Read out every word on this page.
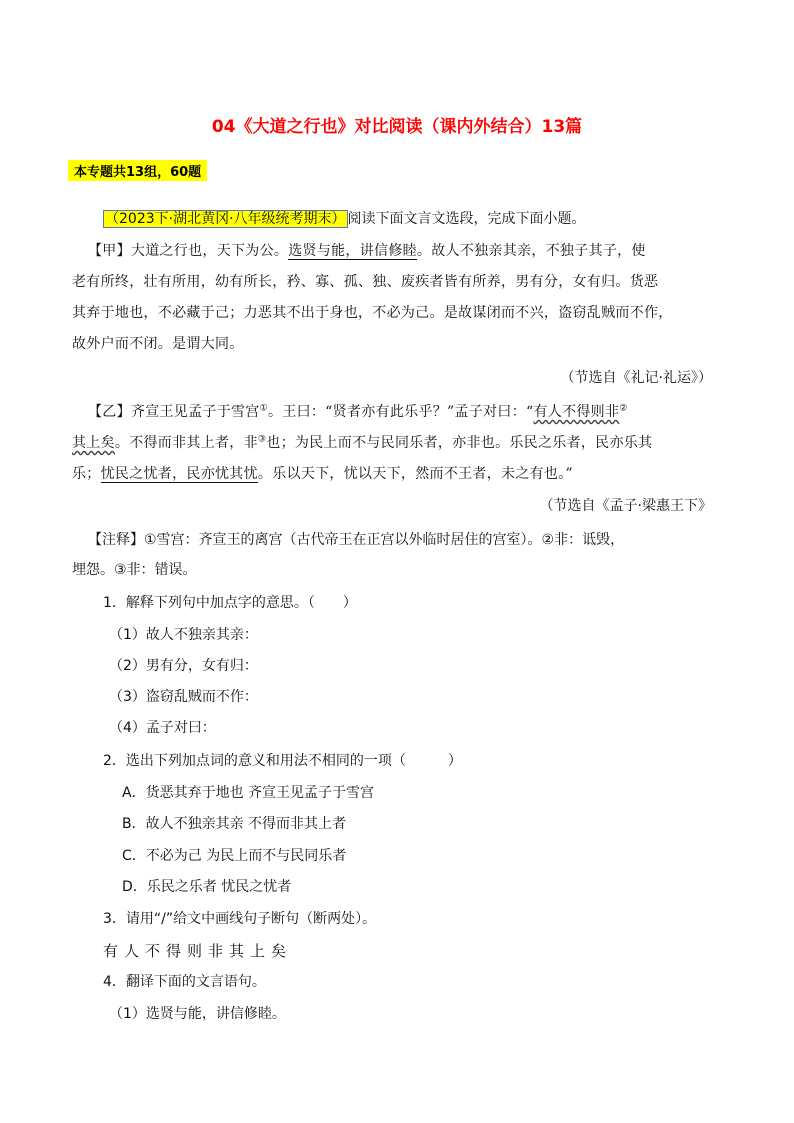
04《大道之行也》对比阅读（课内外结合）13篇
本专题共13组，60题
（2023下·湖北黄冈·八年级统考期末） 阅读下面文言文选段，完成下面小题。
【甲】大道之行也，天下为公。选贤与能，讲信修睦。故人不独亲其亲，不独子其子，使
老有所终，壮有所用，幼有所长，矜、寡、孤、独、废疾者皆有所养，男有分，女有归。货恶
其弃于地也，不必藏于己；力恶其不出于身也，不必为己。是故谋闭而不兴，盗窃乱贼而不作，
故外户而不闭。是谓大同。
（节选自《礼记·礼运》）
【乙】齐宣王见孟子于雪宫①。王曰：“贤者亦有此乐乎？”孟子对曰：“有人不得则非②
其上矣。不得而非其上者，非③也；为民上而不与民同乐者，亦非也。乐民之乐者，民亦乐其
乐；忧民之忧者，民亦忧其忧。乐以天下，忧以天下，然而不王者，未之有也。”
（节选自《孟子·梁惠王下》
【注释】①雪宫：齐宣王的离宫（古代帝王在正宫以外临时居住的宫室）。②非：诋毁，
埋怨。③非：错误。
1．解释下列句中加点字的意思。（　　）
（1）故人不独亲其亲：
（2）男有分，女有归：
（3）盗窃乱贼而不作：
（4）孟子对曰：
2．选出下列加点词的意义和用法不相同的一项（　　　）
A．货恶其弃于地也 齐宣王见孟子于雪宫
B．故人不独亲其亲 不得而非其上者
C．不必为己 为民上而不与民同乐者
D．乐民之乐者 忧民之忧者
3．请用“/”给文中画线句子断句（断两处）。
有人不得则非其上矣
4．翻译下面的文言语句。
（1）选贤与能，讲信修睦。
